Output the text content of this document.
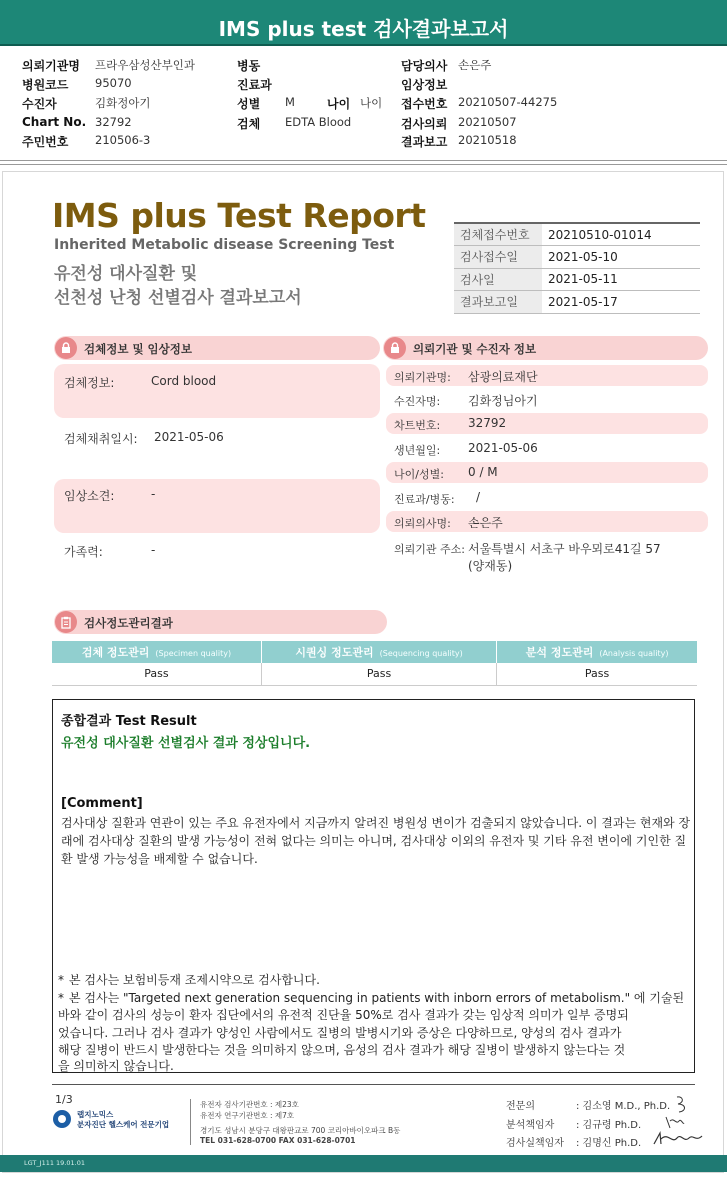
IMS plus test 검사결과보고서
의뢰기관명 프라우삼성산부인과
병원코드 95070
수진자	김화정아기
Chart No. 32792
주민번호 210506-3
병동
진료과
성별 M	나이 나이
검체 EDTA Blood
담당의사 손은주
임상정보
접수번호 20210507-44275
검사의뢰 20210507
결과보고 20210518
IMS plus Test Report
Inherited Metabolic disease Screening Test
유전성 대사질환 및
선천성 난청 선별검사 결과보고서
검체접수번호	20210510-01014
검사접수일	2021-05-10
검사일	2021-05-11
결과보고일	2021-05-17
검체정보 및 임상정보
검체정보:	Cord blood
검체채취일시: 2021-05-06
임상소견:	-
가족력:	-
의뢰기관 및 수진자 정보
의뢰기관명: 삼광의료재단
수진자명: 김화정님아기
차트번호: 32792
생년월일: 2021-05-06
나이/성별: 0 / M
진료과/병동: /
의뢰의사명: 손은주
의뢰기관 주소: 서울특별시 서초구 바우뫼로41길 57
(양재동)
검사정도관리결과
검체 정도관리 (Specimen quality)	시퀀싱 정도관리 (Sequencing quality)	분석 정도관리 (Analysis quality)
Pass	Pass	Pass
종합결과 Test Result
유전성 대사질환 선별검사 결과 정상입니다.
[Comment]
검사대상 질환과 연관이 있는 주요 유전자에서 지금까지 알려진 병원성 변이가 검출되지 않았습니다. 이 결과는 현재와 장래에 검사대상 질환의 발생 가능성이 전혀 없다는 의미는 아니며, 검사대상 이외의 유전자 및 기타 유전 변이에 기인한 질환 발생 가능성을 배제할 수 없습니다.
* 본 검사는 보험비등재 조제시약으로 검사합니다.
* 본 검사는 "Targeted next generation sequencing in patients with inborn errors of metabolism." 에 기술된
바와 같이 검사의 성능이 환자 집단에서의 유전적 진단율 50%로 검사 결과가 갖는 임상적 의미가 일부 증명되
었습니다. 그러나 검사 결과가 양성인 사람에서도 질병의 발병시기와 증상은 다양하므로, 양성의 검사 결과가
해당 질병이 반드시 발생한다는 것을 의미하지 않으며, 음성의 검사 결과가 해당 질병이 발생하지 않는다는 것
을 의미하지 않습니다.
1/3
랩지노믹스
분자진단 헬스케어 전문기업
유전자 검사기관번호 : 제23호
유전자 연구기관번호 : 제7호
경기도 성남시 분당구 대왕판교로 700 코리아바이오파크 B동
TEL 031-628-0700 FAX 031-628-0701
전문의	: 김소영 M.D., Ph.D.
분석책임자 : 김규령 Ph.D.
검사실책임자 : 김명신 Ph.D.
LGT_J111 19.01.01
